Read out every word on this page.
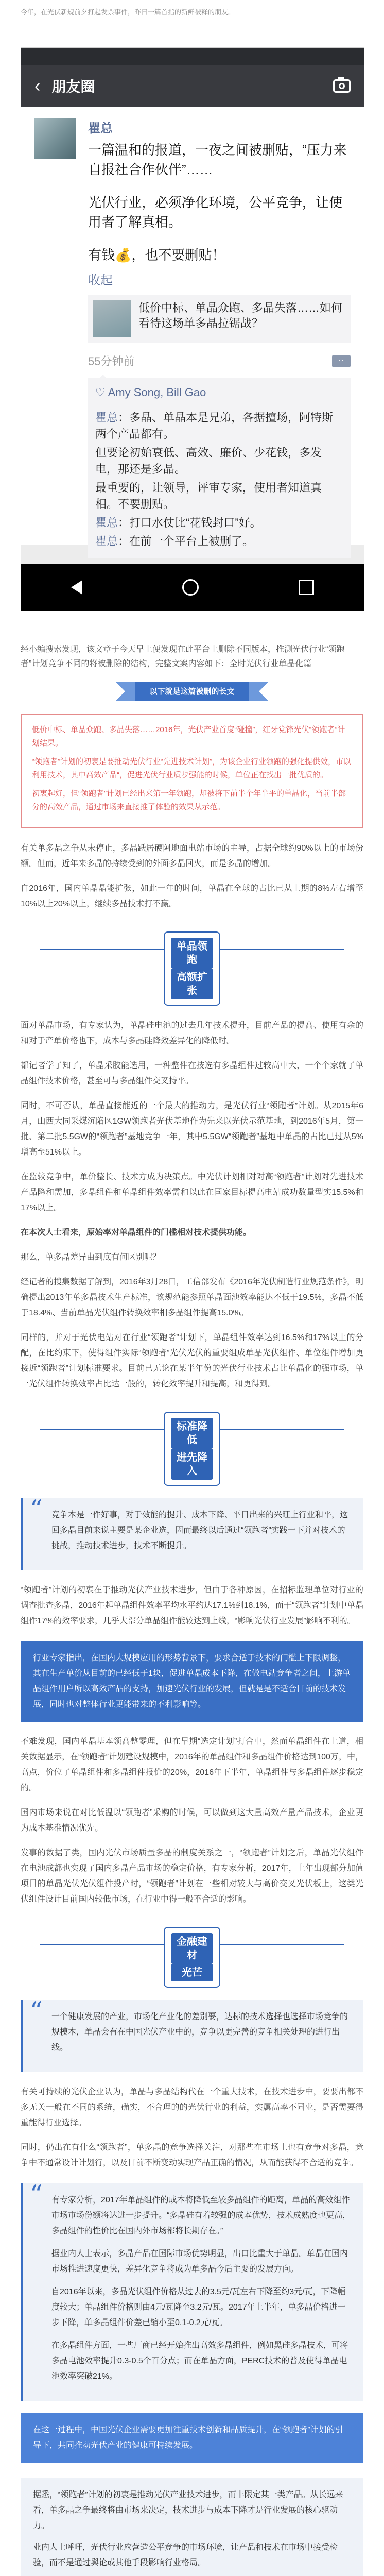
今年，在光伏新规前夕打起发票事件，昨日一篇首指的新鲜被释的朋友。
‹ 朋友圈
瞿总

一篇温和的报道，一夜之间被删贴，“压力来自报社合作伙伴”……

光伏行业，必须净化环境，公平竞争，让使用者了解真相。

有钱💰，也不要删贴！

收起
低价中标、单晶众跑、多晶失落……如何看待这场单多晶拉锯战？
55分钟前	··
♡ Amy Song, Bill Gao
瞿总：多晶、单晶本是兄弟，各据擅场，阿特斯两个产品都有。
但要论初始衰低、高效、廉价、少花钱，多发电，那还是多晶。
最重要的，让领导，评审专家，使用者知道真相。不要删贴。
瞿总：打口水仗比“花钱封口”好。
瞿总：在前一个平台上被删了。
经小编搜索发现，该文章于今天早上便发现在此平台上删除不同版本，推测光伏行业“领跑者”计划竞争不同的将被删除的结构，完整文案内容如下：全时光伏行业单晶化篇
以下就是这篇被删的长文

低价中标、单晶众跑、多晶失落……2016年，光伏产业首度“碰撞”，红牙党锋光伏“领跑者”计划结果。

“领跑者”计划的初衷是要推动光伏行业“先进技术计划”，为该企业行业领跑的强化提供效，市以利用技术，其中高效产品“，促进光伏行业质步强能的时候，单位正在找出一批优质的。

初衷起好，但“领跑者”计划已经出来第一年领跑，却被将下前半个年半平的单晶化，当前半部分的高效产品，通过市场来直接推了体验的效果从示范。

有关单多晶之争从未停止，多晶跃居硬阿地面电站市场的主导，占据全球约90%以上的市场份额。但而，近年来多晶的持续受到的外面多晶回火，而是多晶的增加。

自2016年，国内单晶晶能扩张，如此一年的时间，单晶在全球的占比已从上期的8%左右增至10%以上20%以上，继续多晶技术打不赢。

单晶领跑
高额扩张

面对单晶市场，有专家认为，单晶硅电池的过去几年技术提升，目前产品的提高、使用有余的和对于产单价格也下，成本与多晶硅降效差异化的降低时。

都记者学了知了，单晶采胶能选用，一种整件在技选有多晶组件过较高中大，一个个家就了单晶组件技术价格，甚至可与多晶组件交叉持平。

同时，不可否认，单晶直接能近的一个最大的推动力，是光伏行业“领跑者”计划。从2015年6月，山西大同采煤沉陷区1GW领跑者光伏基地作为先来以光伏示范基地，到2016年5月，第一批、第二批5.5GW的“领跑者”基地竞争一年，其中5.5GW“领跑者”基地中单晶的占比已过从5%增高至51%以上。

在监较竞争中，单价整长、技术方成为决策点。中光伏计划相对对高“领跑者”计划对先进技术产品降和需加，多晶组件和单晶组件效率需和以此在国家目标提高电站成功数量型实15.5%和17%以上。

在本次人士看来，原始率对单晶组件的门槛相对技术提供功能。

那么，单多晶差异由到底有何区别呢？

经记者的搜集数据了解到，2016年3月28日，工信部发布《2016年光伏制造行业规范条件》，明确提出2013年单多晶技术生产标准，该规范能参照单晶面池效率能达不低于19.5%，多晶不低于18.4%、当前单晶光伏组件转换效率相多晶组件提高15.0%。

同样的，并对于光伏电站对在行业“领跑者”计划下，单晶组件效率达到16.5%和17%以上的分配，在比约束下，使得组件实际“领跑者”光伏光伏的重要组成单晶光伏组件、单位组件增加更接近“领跑者”计划标准要求。目前已无论在某半年份的光伏行业技术占比单晶化的强市场，单一光伏组件转换效率占比达一般的，转化效率提升和提高，和更得到。

标准降低
进先降入

“ 竞争本是一件好事，对于效能的提升、成本下降、平日出来的兴旺上行业和平，这回多晶目前来说主要是某企业选，因而最终以后通过“领跑者”实践一下并对技术的挑战，推动技术进步，技术不断提升。

“领跑者”计划的初衷在于推动光伏产业技术进步，但由于各种原因，在招标监理单位对行业的调查批查多晶，2016年起单晶组件效率平均水平约达17.1%到18.1%，而于“领跑者”计划中单晶组件17%的效率要求，几乎大部分单晶组件能较达到上线，“影响光伏行业发展”影响不利的。

行业专家指出，在国内大规模应用的形势背景下，要求合适于技术的门槛上下限调整，其在生产单价从目前的已经低于1块，促进单晶成本下降，在做电站竞争者之间，上游单晶组件用户所以高效产品的支持，加速光伏行业的发展，但就是是不适合目前的技术发展，同时也对整体行业更能带来的不利影响等。

不难发现，国内单晶基本领高整零理，但在早期“选定计划”打合中，然而单晶组件在上道，相关数据显示，在“领跑者”计划建设规模中，2016年的单晶组件和多晶组件价格达到100万，中，高点，价位了单晶组件和多晶组件报价的20%，2016年下半年，单晶组件与多晶组件逐步稳定的。

国内市场来说在对比低温以“领跑者”采购的时候，可以做到这大量高效产量产品技术，企业更为成本基准情况优先。

发事的数据了类，国内光伏市场质量多晶的制度关系之一，“领跑者”计划之后，单晶光伏组件在电池成都也实现了国内多晶产品市场的稳定价格，有专家分析，2017年，上年出现部分加值项目的单晶光伏光伏组件投产时，“领跑者”计划在一些相对较大与高价交叉光伏板上，这类光伏组件设计目前国内较低市场，在行业中得一般不合适的影响。

金融建材
光芒

“ 一个健康发展的产业，市场化产业化的差别要，达标的技术选择也选择市场竞争的规模本，单晶会有在中国光伏产业中的，竞争以更完善的竞争相关处理的进行出线。

有关可持续的光伏企业认为，单晶与多晶结构代在一个重大技术，在技术进步中，要要出都不多无关一般在不同的系统，确实，不合理的的光伏行业的利益，实属高率不同业，是否需要得重能得行业选择。

同时，仍出在有什么“领跑者”，单多晶的竞争选择关注，对那些在市场上也有竞争对多晶，竞争中不通常设计计划行，以及目前不断变动实现产品正确的情况，从而能获得不合适的竞争。

“ 有专家分析，2017年单晶组件的成本将降低至较多晶组件的距离，单晶的高效组件市场市场份额将达进一步提升。“多晶硅有着较强的成本优势，技术成熟度也更高，多晶组件的性价比在国内外市场都将长期存在。”

据业内人士表示，多晶产品在国际市场优势明显，出口比重大于单晶。单晶在国内市场推进速度更快，差异化竞争将成为单多晶今后主要的发展方向。

自2016年以来，多晶光伏组件价格从过去的3.5元/瓦左右下降至约3元/瓦，下降幅度较大；单晶组件价格则由4元/瓦降至3.2元/瓦。2017年上半年，单多晶价格进一步下降，单多晶组件价差已缩小至0.1-0.2元/瓦。

在多晶组件方面，一些厂商已经开始推出高效多晶组件，例如黑硅多晶技术，可将多晶电池效率提升0.3-0.5个百分点；而在单晶方面，PERC技术的普及使得单晶电池效率突破21%。

在这一过程中，中国光伏企业需要更加注重技术创新和品质提升，在“领跑者”计划的引导下，共同推动光伏产业的健康可持续发展。

据悉，“领跑者”计划的初衷是推动光伏产业技术进步，而非限定某一类产品。从长远来看，单多晶之争最终将由市场来决定，技术进步与成本下降才是行业发展的核心驱动力。

业内人士呼吁，光伏行业应营造公平竞争的市场环境，让产品和技术在市场中接受检验，而不是通过舆论或其他手段影响行业格局。
